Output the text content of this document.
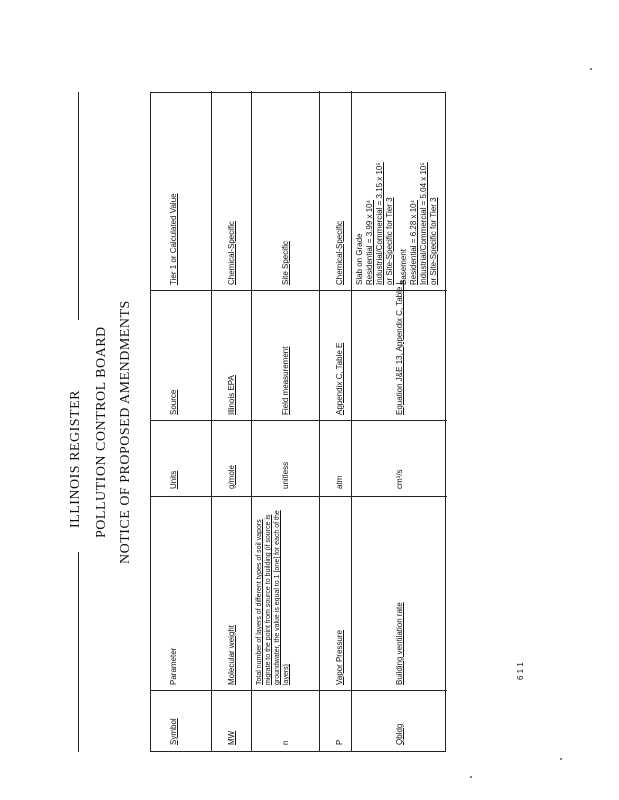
ILLINOIS REGISTER POLLUTION CONTROL BOARD NOTICE OF PROPOSED AMENDMENTS
Symbol
Parameter
Units
Source
Tier 1 or Calculated Value
MW
Molecular weight
g/mole
Illinois EPA
Chemical-Specific
n
Total number of layers of different types of soil vapors migrate to the point from source to building (if source is groundwater, the value is equal to 1 [one] for each of the layers)
unitless
Field measurement
Site Specific
P
Vapor Pressure
atm
Appendix C, Table E
Chemical-Specific
Qbldg
Building ventilation rate
cm³/s
Equation J&E 13, Appendix C, Table L
Slab on Grade Residential = 3.99 x 10⁴ Industrial/Commercial = 3.15 x 10⁵ or Site-Specific for Tier 3 Basement Residential = 6.28 x 10⁴ Industrial/Commercial = 5.04 x 10⁵ or Site-Specific for Tier 3
6 1 1
